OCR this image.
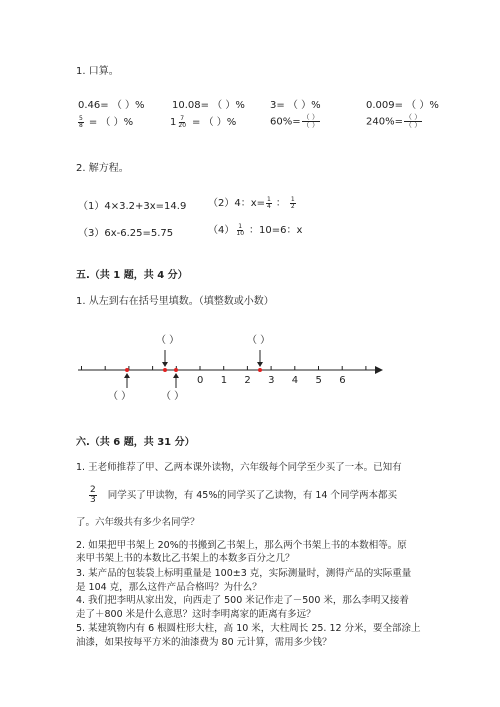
1. 口算。
0.46= （ ）%	10.08= （ ）%	3= （ ）%	0.009= （ ）%
$\frac{5}{8}$ = （ ）%	$1 \frac{7}{20}$ = （ ）%	$60\%= \frac{( )}{( )}$	$240\%= \frac{( )}{( )}$
2. 解方程。
（1）4×3.2+3x=14.9 （2）4：$x= \frac{1}{4}$ ： $\frac{1}{2}$
（3）6x-6.25=5.75	$(4) \frac{1}{10}$ ：10=6：x
五.（共 1 题，共 4 分）
1. 从左到右在括号里填数。（填整数或小数）
0 1 2 3 4 5 6
（ ）	（ ）
（ ）	（ ）
六.（共 6 题，共 31 分）
1. 王老师推荐了甲、乙两本课外读物，六年级每个同学至少买了一本。已知有
$\frac{2}{3}$ 同学买了甲读物，有 45%的同学买了乙读物，有 14 个同学两本都买
了。六年级共有多少名同学？
2. 如果把甲书架上 20%的书搬到乙书架上，那么两个书架上书的本数相等。原
来甲书架上书的本数比乙书架上的本数多百分之几？
3. 某产品的包装袋上标明重量是 100±3 克，实际测量时，测得产品的实际重量
是 104 克，那么这件产品合格吗？为什么？
4. 我们把李明从家出发，向西走了 500 米记作走了－500 米，那么李明又接着
走了＋800 米是什么意思？这时李明离家的距离有多远？
5. 某建筑物内有 6 根圆柱形大柱，高 10 米，大柱周长 25. 12 分米，要全部涂上
油漆，如果按每平方米的油漆费为 80 元计算，需用多少钱？
